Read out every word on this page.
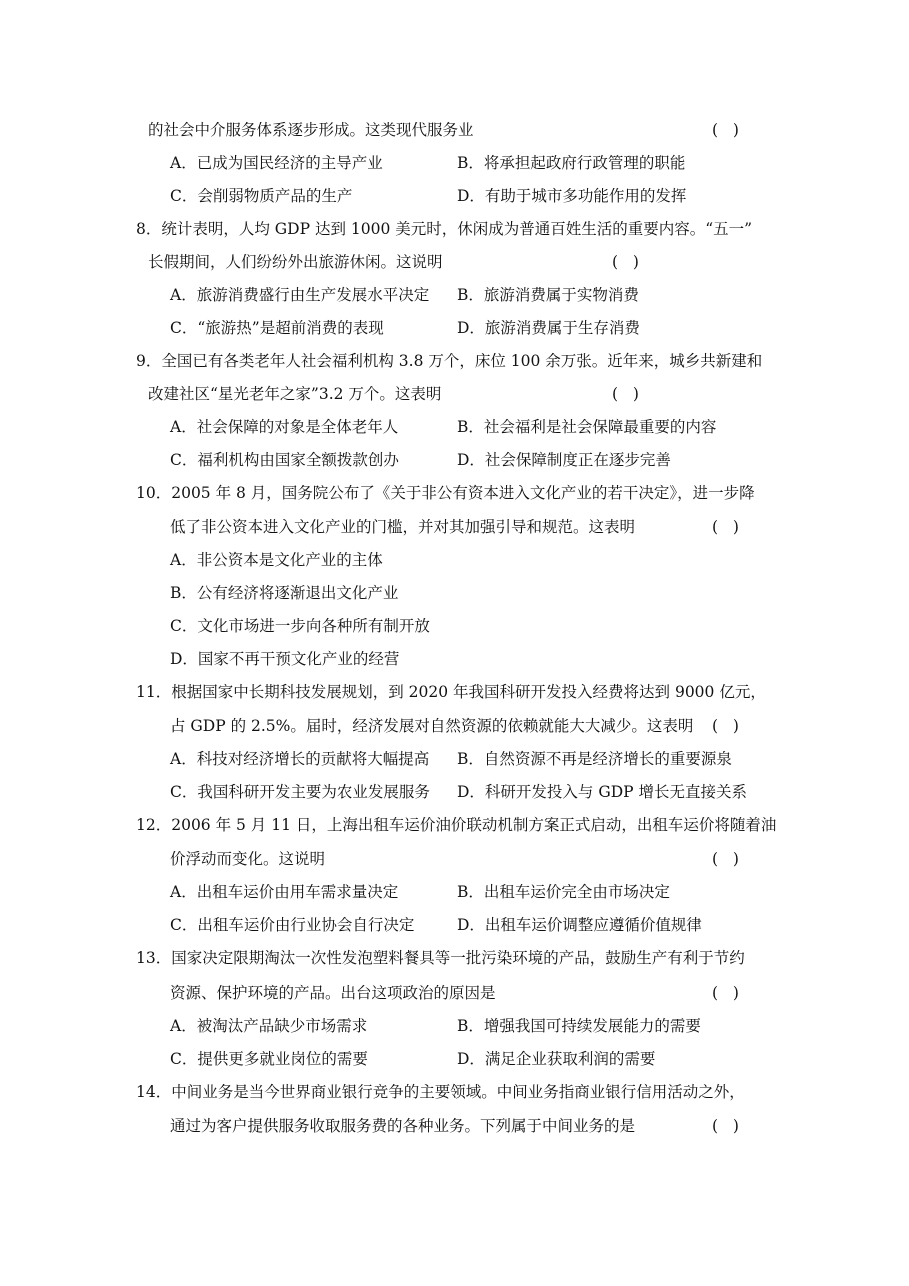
的社会中介服务体系逐步形成。这类现代服务业	(   )
A．已成为国民经济的主导产业	B．将承担起政府行政管理的职能
C．会削弱物质产品的生产	D．有助于城市多功能作用的发挥
8．统计表明，人均 GDP 达到 1000 美元时，休闲成为普通百姓生活的重要内容。“五一”
长假期间，人们纷纷外出旅游休闲。这说明	(   )
A．旅游消费盛行由生产发展水平决定 B．旅游消费属于实物消费
C．“旅游热”是超前消费的表现	D．旅游消费属于生存消费
9．全国已有各类老年人社会福利机构 3.8 万个，床位 100 余万张。近年来，城乡共新建和
改建社区“星光老年之家”3.2 万个。这表明	(   )
A．社会保障的对象是全体老年人	B．社会福利是社会保障最重要的内容
C．福利机构由国家全额拨款创办	D．社会保障制度正在逐步完善
10．2005 年 8 月，国务院公布了《关于非公有资本进入文化产业的若干决定》，进一步降
低了非公资本进入文化产业的门槛，并对其加强引导和规范。这表明	(   )
A．非公资本是文化产业的主体
B．公有经济将逐渐退出文化产业
C．文化市场进一步向各种所有制开放
D．国家不再干预文化产业的经营
11．根据国家中长期科技发展规划，到 2020 年我国科研开发投入经费将达到 9000 亿元，
占 GDP 的 2.5%。届时，经济发展对自然资源的依赖就能大大减少。这表明 (   )
A．科技对经济增长的贡献将大幅提高 B．自然资源不再是经济增长的重要源泉
C．我国科研开发主要为农业发展服务 D．科研开发投入与 GDP 增长无直接关系
12．2006 年 5 月 11 日，上海出租车运价油价联动机制方案正式启动，出租车运价将随着油
价浮动而变化。这说明	(   )
A．出租车运价由用车需求量决定	B．出租车运价完全由市场决定
C．出租车运价由行业协会自行决定	D．出租车运价调整应遵循价值规律
13．国家决定限期淘汰一次性发泡塑料餐具等一批污染环境的产品，鼓励生产有利于节约
资源、保护环境的产品。出台这项政治的原因是	(   )
A．被淘汰产品缺少市场需求	B．增强我国可持续发展能力的需要
C．提供更多就业岗位的需要	D．满足企业获取利润的需要
14．中间业务是当今世界商业银行竞争的主要领域。中间业务指商业银行信用活动之外，
通过为客户提供服务收取服务费的各种业务。下列属于中间业务的是	(   )
